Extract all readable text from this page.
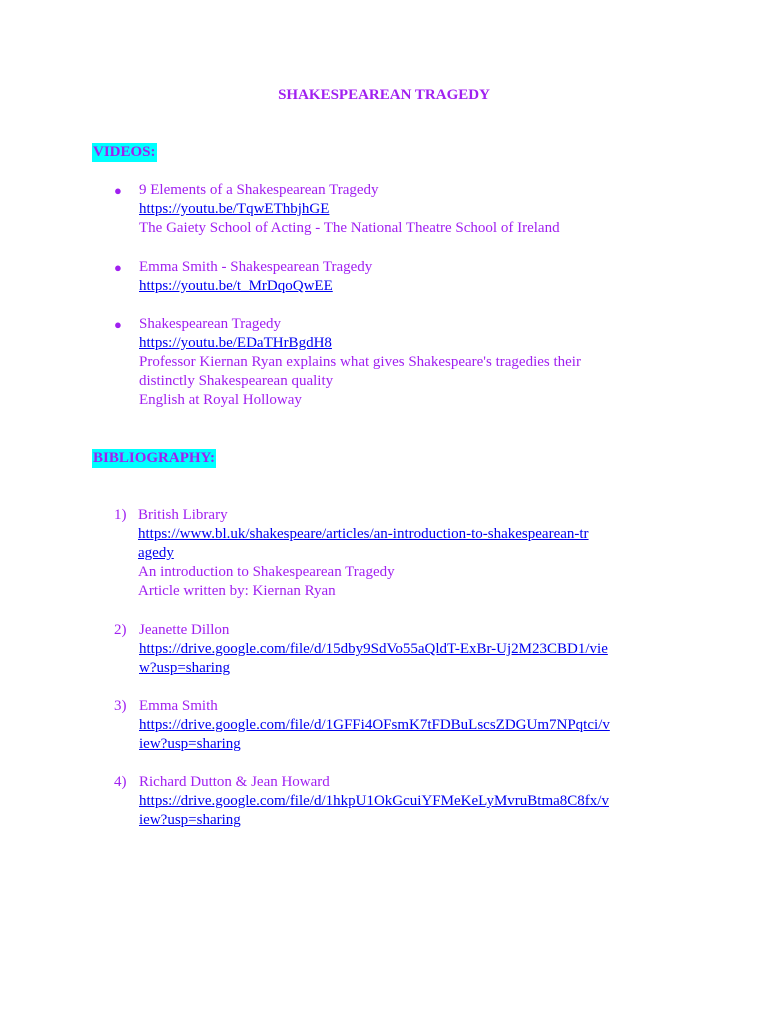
SHAKESPEAREAN TRAGEDY
VIDEOS:
● 9 Elements of a Shakespearean Tragedy
https://youtu.be/TqwEThbjhGE
The Gaiety School of Acting - The National Theatre School of Ireland
● Emma Smith - Shakespearean Tragedy
https://youtu.be/t_MrDqoQwEE
● Shakespearean Tragedy
https://youtu.be/EDaTHrBgdH8
Professor Kiernan Ryan explains what gives Shakespeare's tragedies their
distinctly Shakespearean quality
English at Royal Holloway
BIBLIOGRAPHY:
1) British Library
https://www.bl.uk/shakespeare/articles/an-introduction-to-shakespearean-tr
agedy
An introduction to Shakespearean Tragedy
Article written by: Kiernan Ryan
2) Jeanette Dillon
https://drive.google.com/file/d/15dby9SdVo55aQldT-ExBr-Uj2M23CBD1/vie
w?usp=sharing
3) Emma Smith
https://drive.google.com/file/d/1GFFi4OFsmK7tFDBuLscsZDGUm7NPqtci/v
iew?usp=sharing
4) Richard Dutton & Jean Howard
https://drive.google.com/file/d/1hkpU1OkGcuiYFMeKeLyMvruBtma8C8fx/v
iew?usp=sharing
